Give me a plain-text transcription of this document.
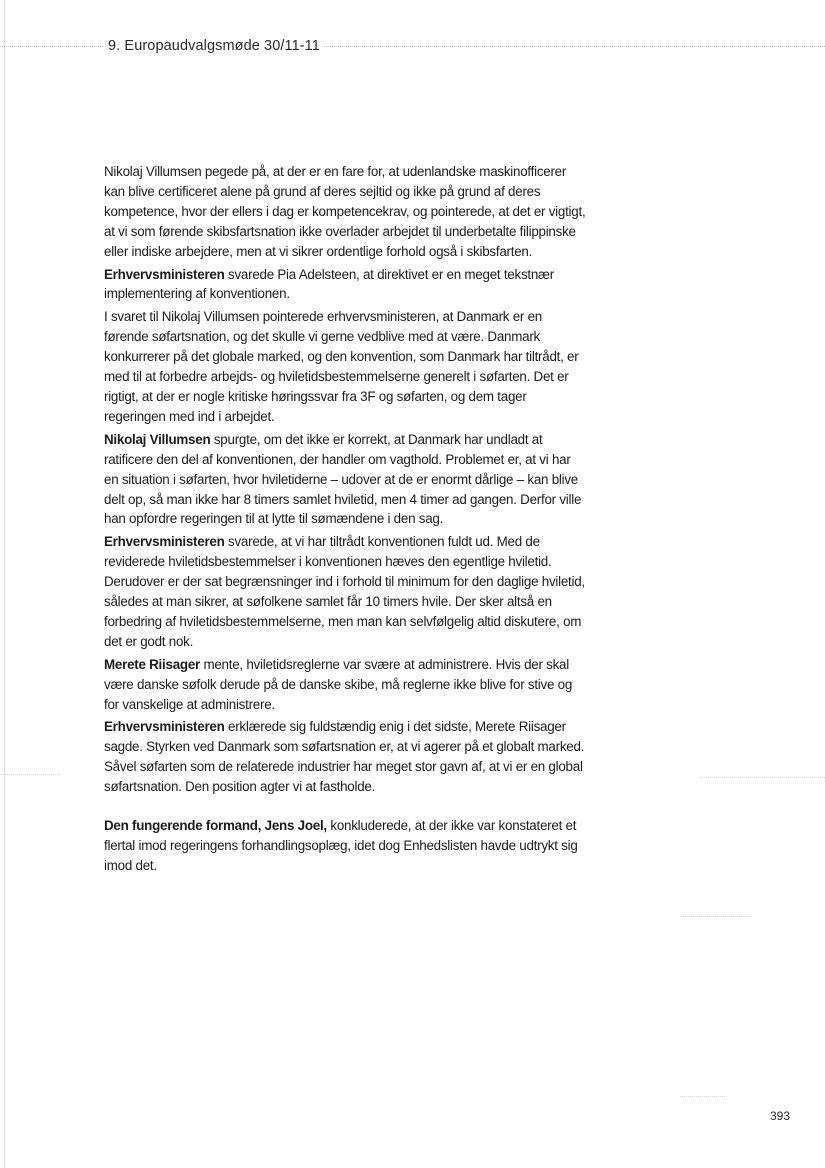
9. Europaudvalgsmøde 30/11-11

Nikolaj Villumsen pegede på, at der er en fare for, at udenlandske maskinofficerer kan blive certificeret alene på grund af deres sejltid og ikke på grund af deres kompetence, hvor der ellers i dag er kompetencekrav, og pointerede, at det er vigtigt, at vi som førende skibsfartsnation ikke overlader arbejdet til underbetalte filippinske eller indiske arbejdere, men at vi sikrer ordentlige forhold også i skibsfarten.

Erhvervsministeren svarede Pia Adelsteen, at direktivet er en meget tekstnær implementering af konventionen.

I svaret til Nikolaj Villumsen pointerede erhvervsministeren, at Danmark er en førende søfartsnation, og det skulle vi gerne vedblive med at være. Danmark konkurrerer på det globale marked, og den konvention, som Danmark har tiltrådt, er med til at forbedre arbejds- og hviletidsbestemmelserne generelt i søfarten. Det er rigtigt, at der er nogle kritiske høringssvar fra 3F og søfarten, og dem tager regeringen med ind i arbejdet.

Nikolaj Villumsen spurgte, om det ikke er korrekt, at Danmark har undladt at ratificere den del af konventionen, der handler om vagthold. Problemet er, at vi har en situation i søfarten, hvor hviletiderne – udover at de er enormt dårlige – kan blive delt op, så man ikke har 8 timers samlet hviletid, men 4 timer ad gangen. Derfor ville han opfordre regeringen til at lytte til sømændene i den sag.

Erhvervsministeren svarede, at vi har tiltrådt konventionen fuldt ud. Med de reviderede hviletidsbestemmelser i konventionen hæves den egentlige hviletid. Derudover er der sat begrænsninger ind i forhold til minimum for den daglige hviletid, således at man sikrer, at søfolkene samlet får 10 timers hvile. Der sker altså en forbedring af hviletidsbestemmelserne, men man kan selvfølgelig altid diskutere, om det er godt nok.

Merete Riisager mente, hviletidsreglerne var svære at administrere. Hvis der skal være danske søfolk derude på de danske skibe, må reglerne ikke blive for stive og for vanskelige at administrere.

Erhvervsministeren erklærede sig fuldstændig enig i det sidste, Merete Riisager sagde. Styrken ved Danmark som søfartsnation er, at vi agerer på et globalt marked. Såvel søfarten som de relaterede industrier har meget stor gavn af, at vi er en global søfartsnation. Den position agter vi at fastholde.

Den fungerende formand, Jens Joel, konkluderede, at der ikke var konstateret et flertal imod regeringens forhandlingsoplæg, idet dog Enhedslisten havde udtrykt sig imod det.

393
